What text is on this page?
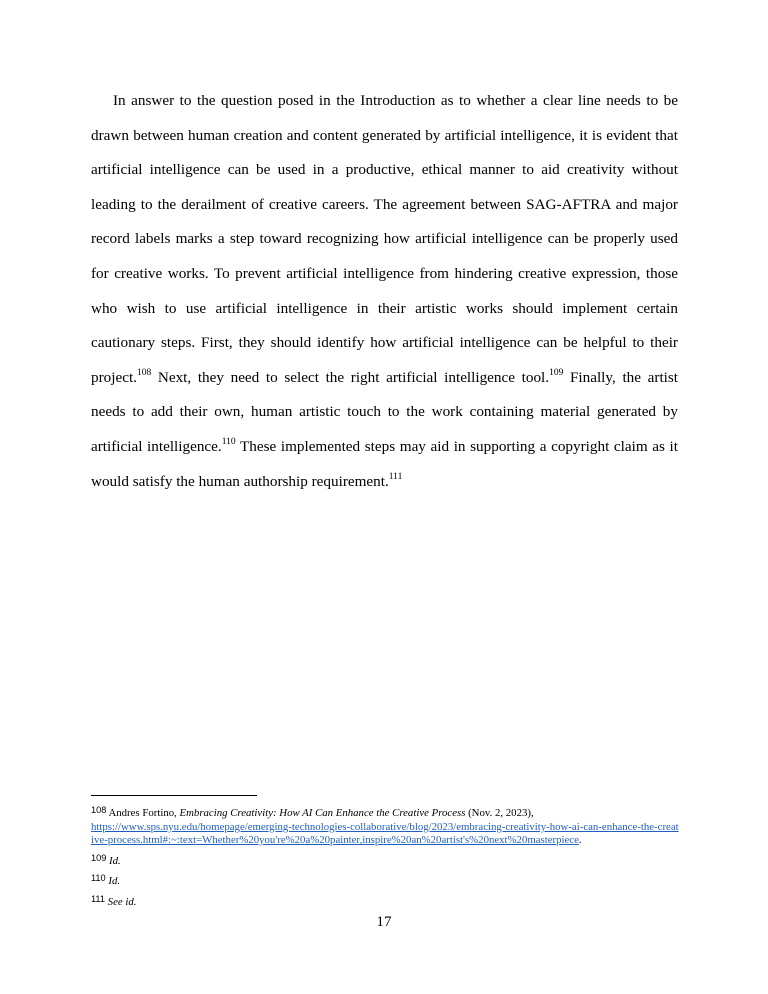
In answer to the question posed in the Introduction as to whether a clear line needs to be drawn between human creation and content generated by artificial intelligence, it is evident that artificial intelligence can be used in a productive, ethical manner to aid creativity without leading to the derailment of creative careers. The agreement between SAG-AFTRA and major record labels marks a step toward recognizing how artificial intelligence can be properly used for creative works. To prevent artificial intelligence from hindering creative expression, those who wish to use artificial intelligence in their artistic works should implement certain cautionary steps. First, they should identify how artificial intelligence can be helpful to their project.$^{108}$ Next, they need to select the right artificial intelligence tool.$^{109}$ Finally, the artist needs to add their own, human artistic touch to the work containing material generated by artificial intelligence.$^{110}$ These implemented steps may aid in supporting a copyright claim as it would satisfy the human authorship requirement.$^{111}$

108 Andres Fortino, Embracing Creativity: How AI Can Enhance the Creative Process (Nov. 2, 2023),
https://www.sps.nyu.edu/homepage/emerging-technologies-collaborative/blog/2023/embracing-creativity-how-ai-can-enhance-the-creative-process.html#:~:text=Whether%20you're%20a%20painter,inspire%20an%20artist's%20next%20masterpiece.
109 Id.
110 Id.
111 See id.
17
